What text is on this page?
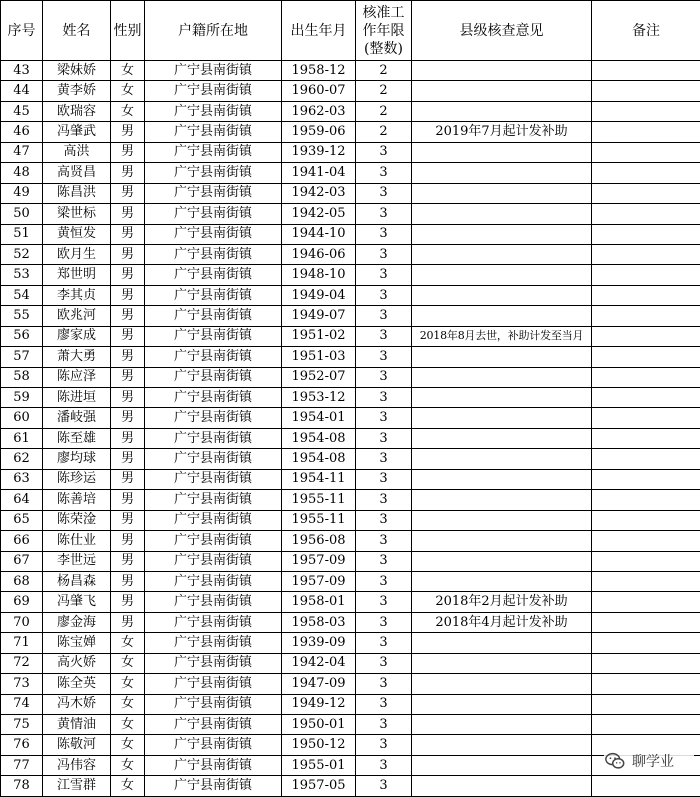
序号	姓名	性别	户籍所在地	出生年月	核准工作年限(整数)	县级核查意见	备注
43	梁妹娇	女	广宁县南街镇	1958-12	2		
44	黄李娇	女	广宁县南街镇	1960-07	2		
45	欧瑞容	女	广宁县南街镇	1962-03	2		
46	冯肇武	男	广宁县南街镇	1959-06	2	2019年7月起计发补助	
47	高洪	男	广宁县南街镇	1939-12	3		
48	高贤昌	男	广宁县南街镇	1941-04	3		
49	陈昌洪	男	广宁县南街镇	1942-03	3		
50	梁世标	男	广宁县南街镇	1942-05	3		
51	黄恒发	男	广宁县南街镇	1944-10	3		
52	欧月生	男	广宁县南街镇	1946-06	3		
53	郑世明	男	广宁县南街镇	1948-10	3		
54	李其贞	男	广宁县南街镇	1949-04	3		
55	欧兆河	男	广宁县南街镇	1949-07	3		
56	廖家成	男	广宁县南街镇	1951-02	3	2018年8月去世，补助计发至当月	
57	萧大勇	男	广宁县南街镇	1951-03	3		
58	陈应泽	男	广宁县南街镇	1952-07	3		
59	陈进垣	男	广宁县南街镇	1953-12	3		
60	潘岐强	男	广宁县南街镇	1954-01	3		
61	陈至雄	男	广宁县南街镇	1954-08	3		
62	廖均球	男	广宁县南街镇	1954-08	3		
63	陈珍运	男	广宁县南街镇	1954-11	3		
64	陈善培	男	广宁县南街镇	1955-11	3		
65	陈荣淦	男	广宁县南街镇	1955-11	3		
66	陈仕业	男	广宁县南街镇	1956-08	3		
67	李世远	男	广宁县南街镇	1957-09	3		
68	杨昌森	男	广宁县南街镇	1957-09	3		
69	冯肇飞	男	广宁县南街镇	1958-01	3	2018年2月起计发补助	
70	廖金海	男	广宁县南街镇	1958-03	3	2018年4月起计发补助	
71	陈宝婵	女	广宁县南街镇	1939-09	3		
72	高火娇	女	广宁县南街镇	1942-04	3		
73	陈全英	女	广宁县南街镇	1947-09	3		
74	冯木娇	女	广宁县南街镇	1949-12	3		
75	黄情油	女	广宁县南街镇	1950-01	3		
76	陈敬河	女	广宁县南街镇	1950-12	3		
77	冯伟容	女	广宁县南街镇	1955-01	3		
78	江雪群	女	广宁县南街镇	1957-05	3		
聊学业
